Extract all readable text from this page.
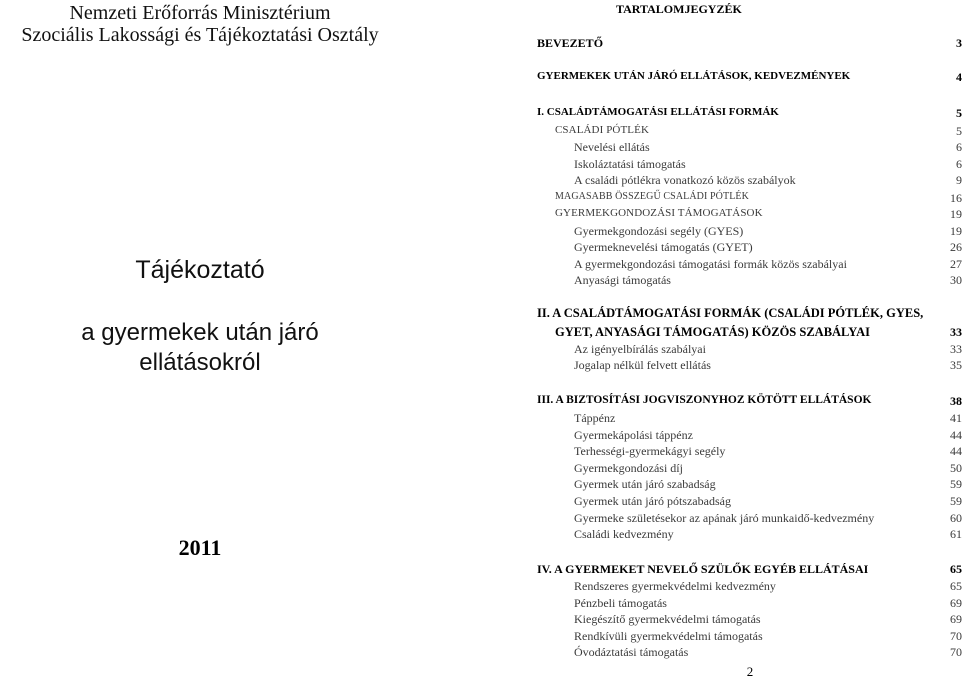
Nemzeti Erőforrás Minisztérium
Szociális Lakossági és Tájékoztatási Osztály
Tájékoztató
a gyermekek után járó
ellátásokról
2011
TARTALOMJEGYZÉK
BEVEZETŐ	3
GYERMEKEK UTÁN JÁRÓ ELLÁTÁSOK, KEDVEZMÉNYEK	4
I. CSALÁDTÁMOGATÁSI ELLÁTÁSI FORMÁK	5
CSALÁDI PÓTLÉK	5
Nevelési ellátás	6
Iskoláztatási támogatás	6
A családi pótlékra vonatkozó közös szabályok	9
MAGASABB ÖSSZEGŰ CSALÁDI PÓTLÉK	16
GYERMEKGONDOZÁSI TÁMOGATÁSOK	19
Gyermekgondozási segély (GYES)	19
Gyermeknevelési támogatás (GYET)	26
A gyermekgondozási támogatási formák közös szabályai	27
Anyasági támogatás	30
II. A CSALÁDTÁMOGATÁSI FORMÁK (CSALÁDI PÓTLÉK, GYES,
GYET, ANYASÁGI TÁMOGATÁS) KÖZÖS SZABÁLYAI	33
Az igényelbírálás szabályai	33
Jogalap nélkül felvett ellátás	35
III. A BIZTOSÍTÁSI JOGVISZONYHOZ KÖTÖTT ELLÁTÁSOK	38
Táppénz	41
Gyermekápolási táppénz	44
Terhességi-gyermekágyi segély	44
Gyermekgondozási díj	50
Gyermek után járó szabadság	59
Gyermek után járó pótszabadság	59
Gyermeke születésekor az apának járó munkaidő-kedvezmény	60
Családi kedvezmény	61
IV. A GYERMEKET NEVELŐ SZÜLŐK EGYÉB ELLÁTÁSAI	65
Rendszeres gyermekvédelmi kedvezmény	65
Pénzbeli támogatás	69
Kiegészítő gyermekvédelmi támogatás	69
Rendkívüli gyermekvédelmi támogatás	70
Óvodáztatási támogatás	70
2
